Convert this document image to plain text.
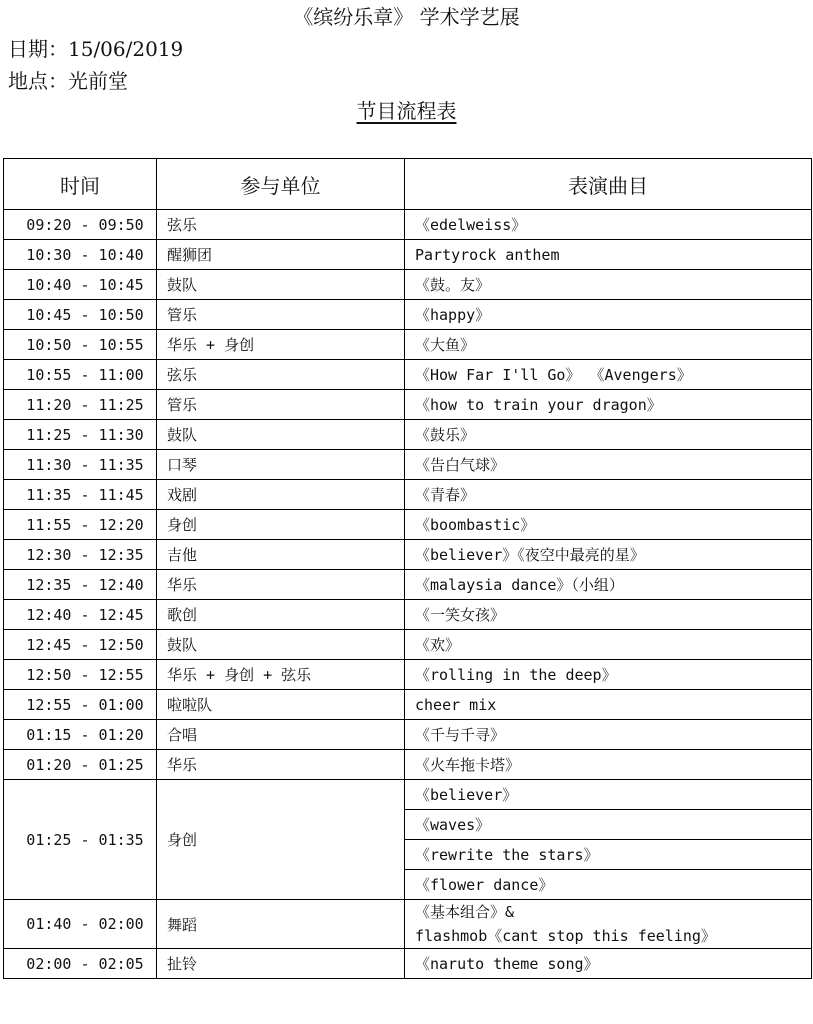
《缤纷乐章》 学术学艺展
日期：15/06/2019
地点：光前堂
节目流程表
时间	参与单位	表演曲目
09:20 - 09:50	弦乐	《edelweiss》
10:30 - 10:40	醒狮团	Partyrock anthem
10:40 - 10:45	鼓队	《鼓。友》
10:45 - 10:50	管乐	《happy》
10:50 - 10:55	华乐 + 身创	《大鱼》
10:55 - 11:00	弦乐	《How Far I'll Go》 《Avengers》
11:20 - 11:25	管乐	《how to train your dragon》
11:25 - 11:30	鼓队	《鼓乐》
11:30 - 11:35	口琴	《告白气球》
11:35 - 11:45	戏剧	《青春》
11:55 - 12:20	身创	《boombastic》
12:30 - 12:35	吉他	《believer》《夜空中最亮的星》
12:35 - 12:40	华乐	《malaysia dance》（小组）
12:40 - 12:45	歌创	《一笑女孩》
12:45 - 12:50	鼓队	《欢》
12:50 - 12:55	华乐 + 身创 + 弦乐	《rolling in the deep》
12:55 - 01:00	啦啦队	cheer mix
01:15 - 01:20	合唱	《千与千寻》
01:20 - 01:25	华乐	《火车拖卡塔》
01:25 - 01:35	身创	《believer》
		《waves》
		《rewrite the stars》
		《flower dance》
01:40 - 02:00	舞蹈	《基本组合》&
flashmob《cant stop this feeling》
02:00 - 02:05	扯铃	《naruto theme song》
